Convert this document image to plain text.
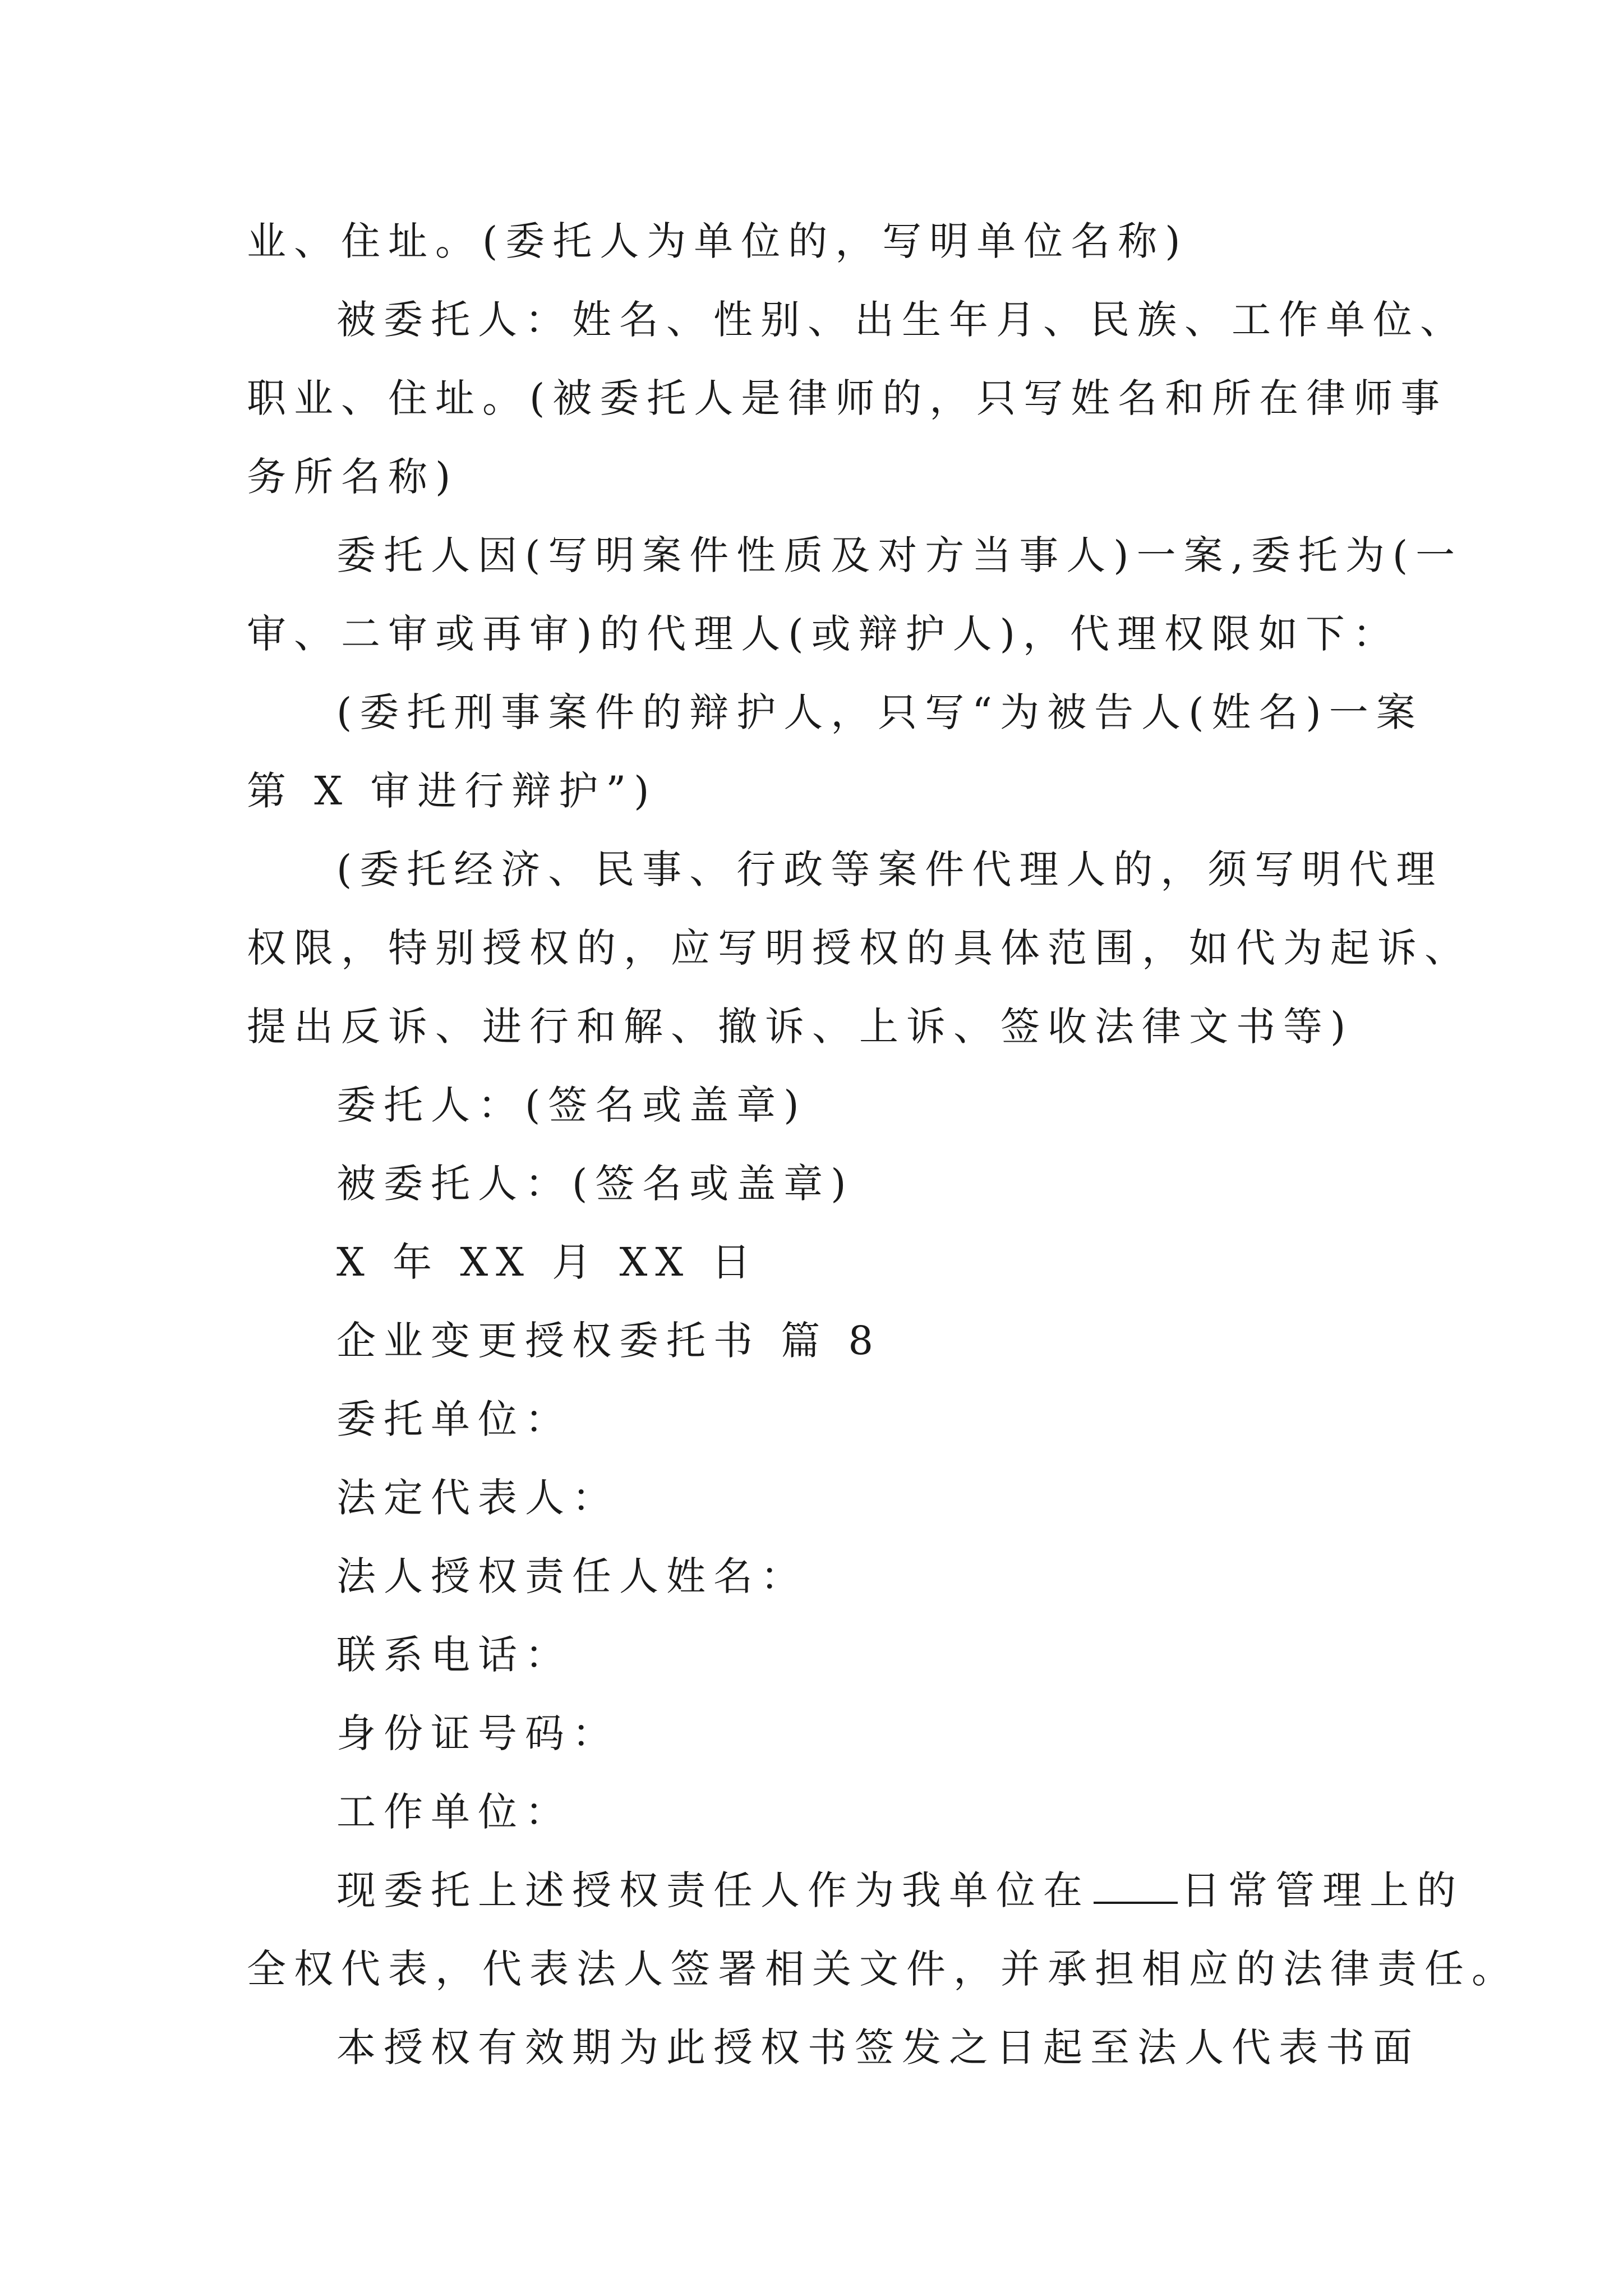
业、住址。(委托人为单位的，写明单位名称)
被委托人：姓名、性别、出生年月、民族、工作单位、
职业、住址。(被委托人是律师的，只写姓名和所在律师事
务所名称)
委托人因(写明案件性质及对方当事人)一案,委托为(一
审、二审或再审)的代理人(或辩护人)，代理权限如下：
(委托刑事案件的辩护人，只写“为被告人(姓名)一案
第 X 审进行辩护”)
(委托经济、民事、行政等案件代理人的，须写明代理
权限，特别授权的，应写明授权的具体范围，如代为起诉、
提出反诉、进行和解、撤诉、上诉、签收法律文书等)
委托人：(签名或盖章)
被委托人：(签名或盖章)
X 年 XX 月 XX 日
企业变更授权委托书 篇 8
委托单位：
法定代表人：
法人授权责任人姓名：
联系电话：
身份证号码：
工作单位：
现委托上述授权责任人作为我单位在 日常管理上的
全权代表，代表法人签署相关文件，并承担相应的法律责任。
本授权有效期为此授权书签发之日起至法人代表书面
